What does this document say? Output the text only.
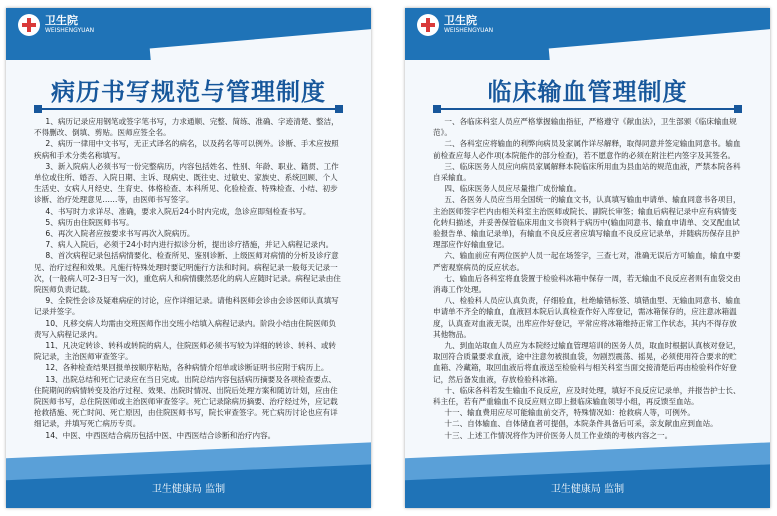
卫生院
WEISHENGYUAN
病历书写规范与管理制度

1、病历记录应用钢笔或签字笔书写，力求通顺、完整、简练、准确、字迹清楚、整洁，不得删改、倒填、剪贴。医师应签全名。

2、病历一律用中文书写，无正式译名的病名，以及药名等可以例外。诊断、手术应按照疾病和手术分类名称填写。

3、新入院病人必须书写一份完整病历，内容包括姓名、性别、年龄、职业、籍贯、工作单位或住所、婚否、入院日期、主诉、现病史、既往史、过敏史、家族史、系统回顾、个人生活史、女病人月经史、生育史、体格检查、本科所见、化验检查、特殊检查、小结、初步诊断、治疗处理意见……等，由医师书写签字。

4、书写时力求详尽、准确，要求入院后24小时内完成，急诊应即刻检查书写。

5、病历由住院医师书写。

6、再次入院者应按要求书写再次入院病历。

7、病人入院后，必须于24小时内进行拟诊分析，提出诊疗措施，并记入病程记录内。

8、首次病程记录包括病情要化、检查所见、鉴别诊断、上级医师对病情的分析及诊疗意见、治疗过程和效果。凡施行特殊处理时要记明施行方法和时间。病程记录一般每天记录一次，(一般病人可2-3日写一次)，重危病人和病情骤然恶化的病人应随时记录。病程记录由住院医师负责记载。

9、全院性会诊及疑难病症的讨论，应作详细记录。请他科医师会诊由会诊医师认真填写记录并签字。

10、凡移交病人均需由交班医师作出交班小结填入病程记录内。阶段小结由住院医师负责写入病程记录内。

11、凡决定转诊、转科或转院的病人，住院医师必须书写较为详细的转诊、转科、或转院记录，主治医师审查签字。

12、各种检查结果回报单按顺序粘贴，各种病情介绍单或诊断证明书应附于病历上。

13、出院总结和死亡记录应在当日完成。出院总结内容包括病历摘要及各项检查要点、住院期间的病情转变及治疗过程、效果、出院时情况、出院后处理方案和随访计划，应由住院医师书写，总住院医师或主治医师审查签字。死亡记录除病历摘要、治疗经过外，应记载抢救措施、死亡时间、死亡原因，由住院医师书写，院长审查签字。死亡病历讨论也应有详细记录，并填写死亡病历专页。

14、中医、中西医结合病历包括中医、中西医结合诊断和治疗内容。

卫生健康局 监制
卫生院
WEISHENGYUAN
临床输血管理制度

一、各临床科室人员应严格掌握输血指征，严格遵守《献血法》，卫生部颁《临床输血规范》。

二、各科室应将输血的利弊向病员及家属作详尽解释，取得同意并签定输血同意书。输血前检查应每人必作项(本院能作的部分检查)，若不愿意作的必须在附注栏内签字及其签名。

三、临床医务人员应向病员家属解释本院临床所用血为县血站的规范血液，严禁本院各科自采输血。

四、临床医务人员应尽量推广成份输血。

五、各医务人员应当用全国统一的输血文书，认真填写输血申请单、输血同意书各项目，主治医师签字栏内由相关科室主治医师或院长、副院长审签；输血后病程记录中应有病情变化转归描述，并妥善保管临床用血文书资料于病历中(输血同意书、输血申请单、交叉配血试验报告单、输血记录单)，有输血不良反应者应填写输血不良反应记录单，并随病历保存且护理部应作好输血登记。

六、输血前应有两位医护人员一起在场签字，三查七对，准确无误后方可输血，输血中要严密观察病员的反应状态。

七、输血后各科室将血袋置于检验科冰箱中保存一周，若无输血不良反应者则有血袋交由消毒工作处理。

八、检验科人员应认真负责，仔细验血，杜绝输错标签、填错血型、无输血同意书、输血申请单不齐全的输血，血液回本院后认真检查作好入库登记，需冰箱保存的，应注意冰箱温度，认真查对血液无误，出库应作好登记，平常应将冰箱维持正常工作状态，其内不得存放其他物品。

九、到血站取血人员应为本院经过输血管理培训的医务人员，取血时根据认真核对登记，取回符合质量要求血液，途中注意勿被损血袋，勿剧烈震荡、摇晃，必须使用符合要求的贮血箱、冷藏箱，取回血液后将血液送至检验科与相关科室当面交接清楚后再由检验科作好登记，然后备发血液，存放检验科冰箱。

十、临床各科若发生输血不良反应，应及时处理，填好不良反应记录单，并报告护士长、科主任，若有严重输血不良反应则立即上报临床输血领导小组，再反馈至血站。

十一、输血费用应尽可能输血前交齐，特殊情况如：抢救病人等，可例外。

十二、自体输血、自体储血者可提倡，本院条件具备后可采，亲友献血应到血站。

十三、上述工作情况将作为评价医务人员工作业绩的考核内容之一。

卫生健康局 监制
